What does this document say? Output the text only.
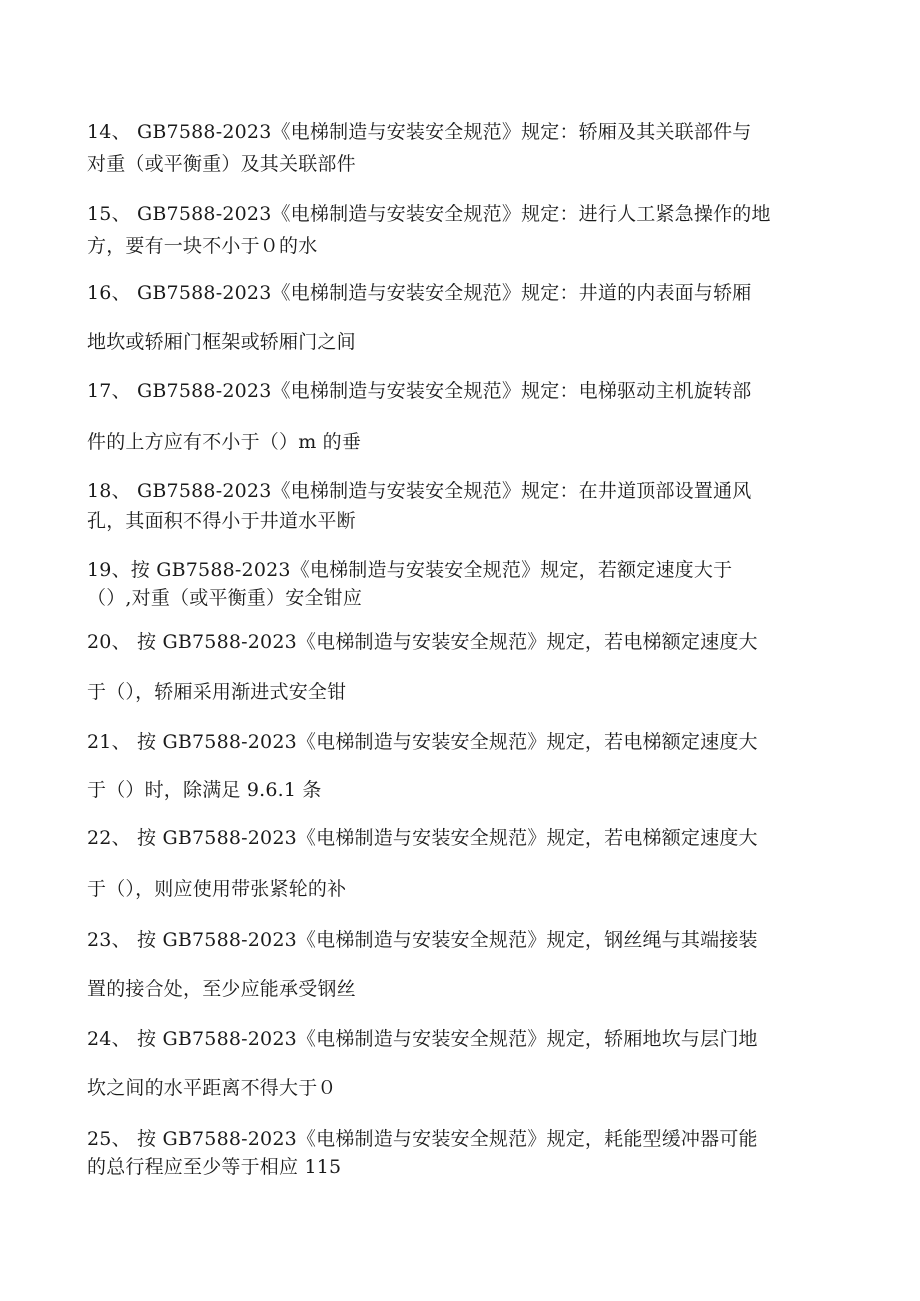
14、 GB7588-2023《电梯制造与安装安全规范》规定：轿厢及其关联部件与
对重（或平衡重）及其关联部件
15、 GB7588-2023《电梯制造与安装安全规范》规定：进行人工紧急操作的地
方，要有一块不小于０的水
16、 GB7588-2023《电梯制造与安装安全规范》规定：井道的内表面与轿厢
地坎或轿厢门框架或轿厢门之间
17、 GB7588-2023《电梯制造与安装安全规范》规定：电梯驱动主机旋转部
件的上方应有不小于（）m 的垂
18、 GB7588-2023《电梯制造与安装安全规范》规定：在井道顶部设置通风
孔，其面积不得小于井道水平断
19、按 GB7588-2023《电梯制造与安装安全规范》规定，若额定速度大于
（）,对重（或平衡重）安全钳应
20、 按 GB7588-2023《电梯制造与安装安全规范》规定，若电梯额定速度大
于（），轿厢采用渐进式安全钳
21、 按 GB7588-2023《电梯制造与安装安全规范》规定，若电梯额定速度大
于（）时，除满足 9.6.1 条
22、 按 GB7588-2023《电梯制造与安装安全规范》规定，若电梯额定速度大
于（），则应使用带张紧轮的补
23、 按 GB7588-2023《电梯制造与安装安全规范》规定，钢丝绳与其端接装
置的接合处，至少应能承受钢丝
24、 按 GB7588-2023《电梯制造与安装安全规范》规定，轿厢地坎与层门地
坎之间的水平距离不得大于０
25、 按 GB7588-2023《电梯制造与安装安全规范》规定，耗能型缓冲器可能
的总行程应至少等于相应 115
